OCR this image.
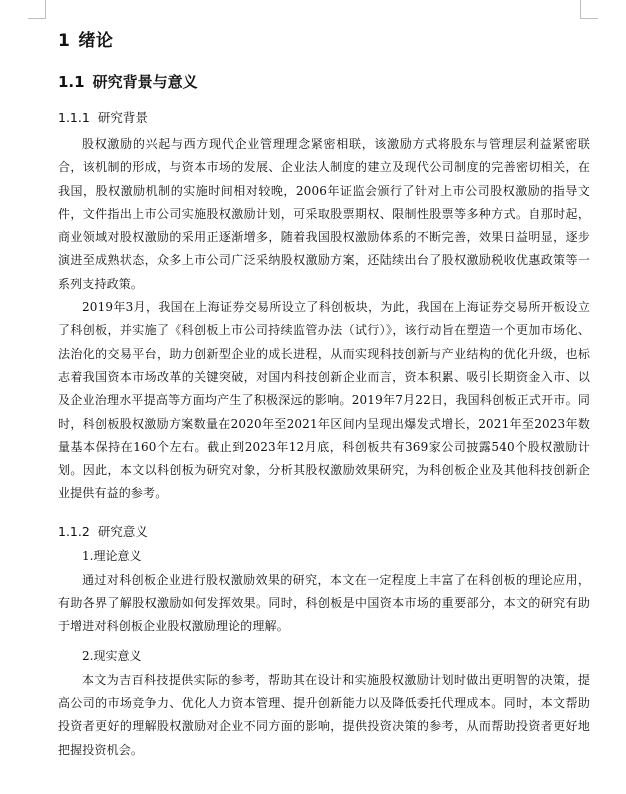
1 绪论
1.1 研究背景与意义
1.1.1 研究背景

股权激励的兴起与西方现代企业管理理念紧密相联，该激励方式将股东与管理层利益紧密联合，该机制的形成，与资本市场的发展、企业法人制度的建立及现代公司制度的完善密切相关，在我国，股权激励机制的实施时间相对较晚，2006年证监会颁行了针对上市公司股权激励的指导文件，文件指出上市公司实施股权激励计划，可采取股票期权、限制性股票等多种方式。自那时起，商业领域对股权激励的采用正逐渐增多，随着我国股权激励体系的不断完善，效果日益明显，逐步演进至成熟状态，众多上市公司广泛采纳股权激励方案，还陆续出台了股权激励税收优惠政策等一系列支持政策。

2019年3月，我国在上海证券交易所设立了科创板块，为此，我国在上海证券交易所开板设立了科创板，并实施了《科创板上市公司持续监管办法（试行）》，该行动旨在塑造一个更加市场化、法治化的交易平台，助力创新型企业的成长进程，从而实现科技创新与产业结构的优化升级，也标志着我国资本市场改革的关键突破，对国内科技创新企业而言，资本积累、吸引长期资金入市、以及企业治理水平提高等方面均产生了积极深远的影响。2019年7月22日，我国科创板正式开市。同时，科创板股权激励方案数量在2020年至2021年区间内呈现出爆发式增长，2021年至2023年数量基本保持在160个左右。截止到2023年12月底，科创板共有369家公司披露540个股权激励计划。因此，本文以科创板为研究对象，分析其股权激励效果研究，为科创板企业及其他科技创新企业提供有益的参考。

1.1.2 研究意义

1.理论意义

通过对科创板企业进行股权激励效果的研究，本文在一定程度上丰富了在科创板的理论应用，有助各界了解股权激励如何发挥效果。同时，科创板是中国资本市场的重要部分，本文的研究有助于增进对科创板企业股权激励理论的理解。

2.现实意义

本文为吉百科技提供实际的参考，帮助其在设计和实施股权激励计划时做出更明智的决策，提高公司的市场竞争力、优化人力资本管理、提升创新能力以及降低委托代理成本。同时，本文帮助投资者更好的理解股权激励对企业不同方面的影响，提供投资决策的参考，从而帮助投资者更好地把握投资机会。
